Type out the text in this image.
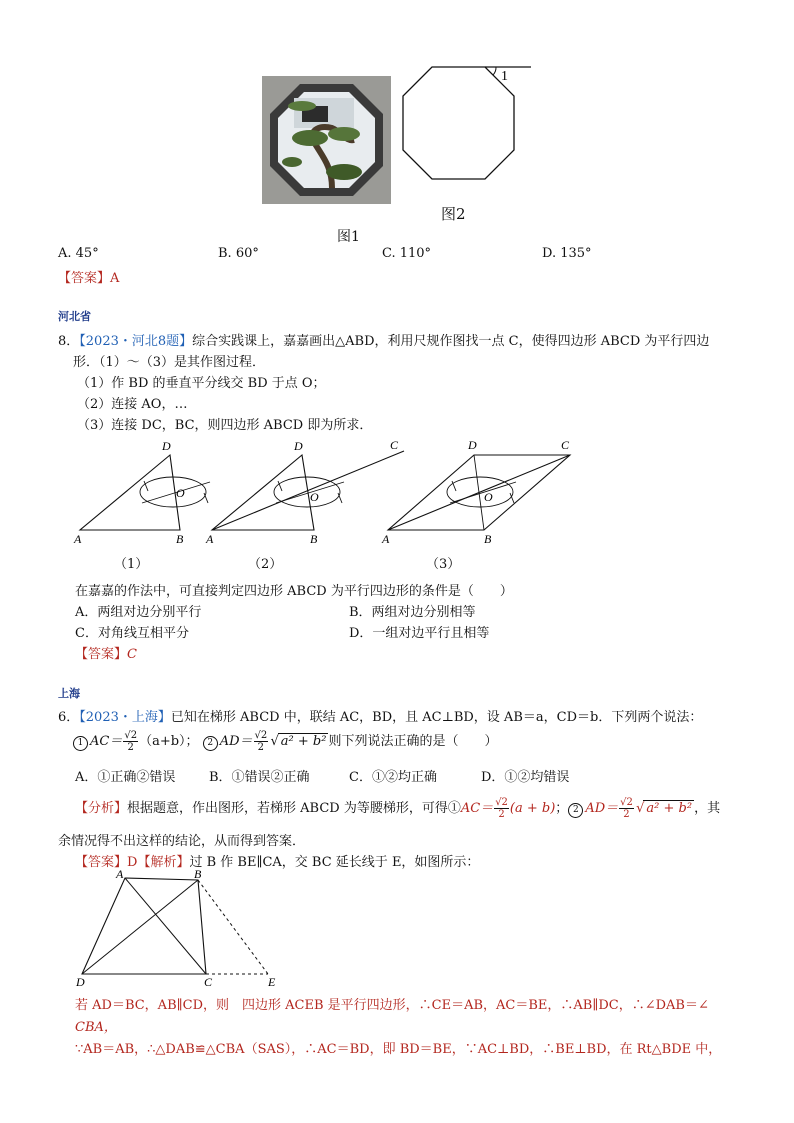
1
图2
图1
A. 45°	B. 60°	C. 110°	D. 135°
【答案】A
河北省
8．【2023・河北8题】综合实践课上，嘉嘉画出△ABD，利用尺规作图找一点 C，使得四边形 ABCD 为平行四边
形．（1）～（3）是其作图过程．
（1）作 BD 的垂直平分线交 BD 于点 O；
（2）连接 AO，…
（3）连接 DC，BC，则四边形 ABCD 即为所求．
A	B
D
O
A	B
D
O
C
A	B
D
O
C
（1）	（2）	（3）
在嘉嘉的作法中，可直接判定四边形 ABCD 为平行四边形的条件是（　　）
A．两组对边分别平行	B．两组对边分别相等
C．对角线互相平分	D．一组对边平行且相等
【答案】C
上海
6．【2023・上海】已知在梯形 ABCD 中，联结 AC，BD，且 AC⊥BD，设 AB＝a，CD＝b．下列两个说法：
1 $AC= \frac{√2}{2} (a+b)$； 2 $AD= \frac{√2}{2}$ √ a² + b² 则下列说法正确的是（　　）
A．①正确②错误	B．①错误②正确	C．①②均正确	D．①②均错误
【分析】根据题意，作出图形，若梯形 ABCD 为等腰梯形，可得①AC＝ $\frac{√2}{2} (a + b)$； 2 $AD= \frac{√2}{2}$ √ a² + b² ，其
余情况得不出这样的结论，从而得到答案．
【答案】D【解析】过 B 作 BE∥CA，交 BC 延长线于 E，如图所示：
A	B
D	C	E
若 AD＝BC，AB∥CD，则　四边形 ACEB 是平行四边形，∴CE＝AB，AC＝BE，∴AB∥DC，∴∠DAB＝∠
CBA，
∵AB＝AB，∴△DAB≌△CBA（SAS），∴AC＝BD，即 BD＝BE，∵AC⊥BD，∴BE⊥BD，在 Rt△BDE 中，
